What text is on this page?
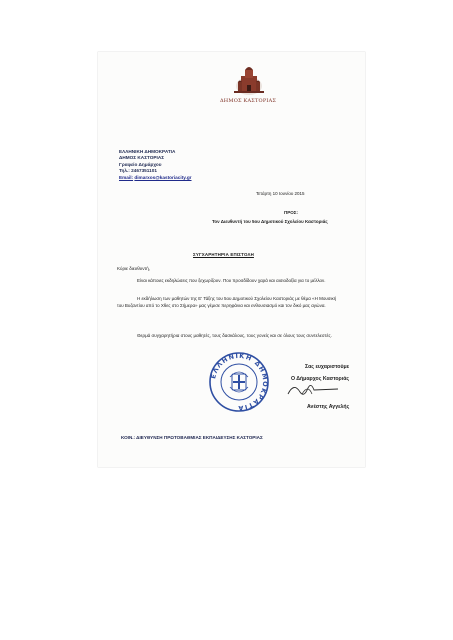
ΔΗΜΟΣ ΚΑΣΤΟΡΙΑΣ
ΕΛΛΗΝΙΚΗ ΔΗΜΟΚΡΑΤΙΑ
ΔΗΜΟΣ ΚΑΣΤΟΡΙΑΣ
Γραφείο Δημάρχου
Τηλ.: 2467351101
Email: dimarxos@kastoriacity.gr
Τετάρτη 10 Ιουνίου 2015
ΠΡΟΣ:
Τον Διευθυντή του 5ου Δημοτικού Σχολείου Καστοριάς
ΣΥΓΧΑΡΗΤΗΡΙΑ ΕΠΙΣΤΟΛΗ
Κύριε διευθυντή,
Είναι κάποιες εκδηλώσεις που ξεχωρίζουν. Που προσδίδουν χαρά και αισιοδοξία για το μέλλον.
Η εκδήλωση των μαθητών της Ε' Τάξης του 5ου Δημοτικού Σχολείου Καστοριάς με θέμα «Η Μουσική του Βυζαντίου από το Χθες στο Σήμερα» μας γέμισε περηφάνια και ενθουσιασμό και τον δικό μας αγώνα.
Θερμά συγχαρητήρια στους μαθητές, τους δασκάλους, τους γονείς και σε όλους τους συντελεστές.
ΕΛΛΗΝΙΚΗ ΔΗΜΟΚΡΑΤΙΑ
Σας ευχαριστούμε
Ο Δήμαρχος Καστοριάς
Ανέστης Αγγελής
ΚΟΙΝ.: ΔΙΕΥΘΥΝΣΗ ΠΡΩΤΟΒΑΘΜΙΑΣ ΕΚΠΑΙΔΕΥΣΗΣ ΚΑΣΤΟΡΙΑΣ
